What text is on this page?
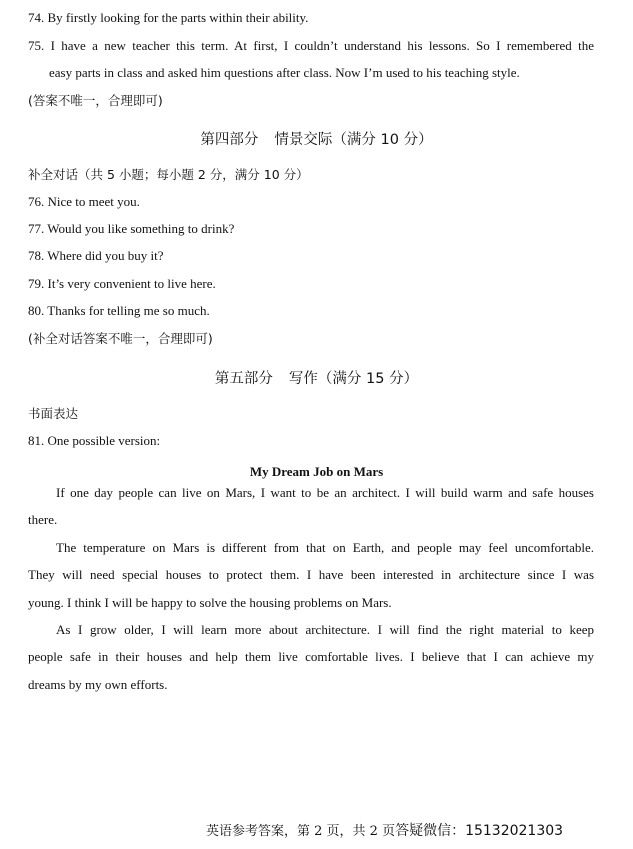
74. By firstly looking for the parts within their ability.
75. I have a new teacher this term. At first, I couldn’t understand his lessons. So I remembered the
easy parts in class and asked him questions after class. Now I’m used to his teaching style.
(答案不唯一，合理即可)
第四部分 情景交际（满分 10 分）
补全对话（共 5 小题；每小题 2 分，满分 10 分）
76. Nice to meet you.
77. Would you like something to drink?
78. Where did you buy it?
79. It’s very convenient to live here.
80. Thanks for telling me so much.
(补全对话答案不唯一，合理即可)
第五部分 写作（满分 15 分）
书面表达
81. One possible version:
My Dream Job on Mars
If one day people can live on Mars, I want to be an architect. I will build warm and safe houses
there.
The temperature on Mars is different from that on Earth, and people may feel uncomfortable.
They will need special houses to protect them. I have been interested in architecture since I was
young. I think I will be happy to solve the housing problems on Mars.
As I grow older, I will learn more about architecture. I will find the right material to keep
people safe in their houses and help them live comfortable lives. I believe that I can achieve my
dreams by my own efforts.
英语参考答案，第 2 页，共 2 页答疑微信：15132021303
